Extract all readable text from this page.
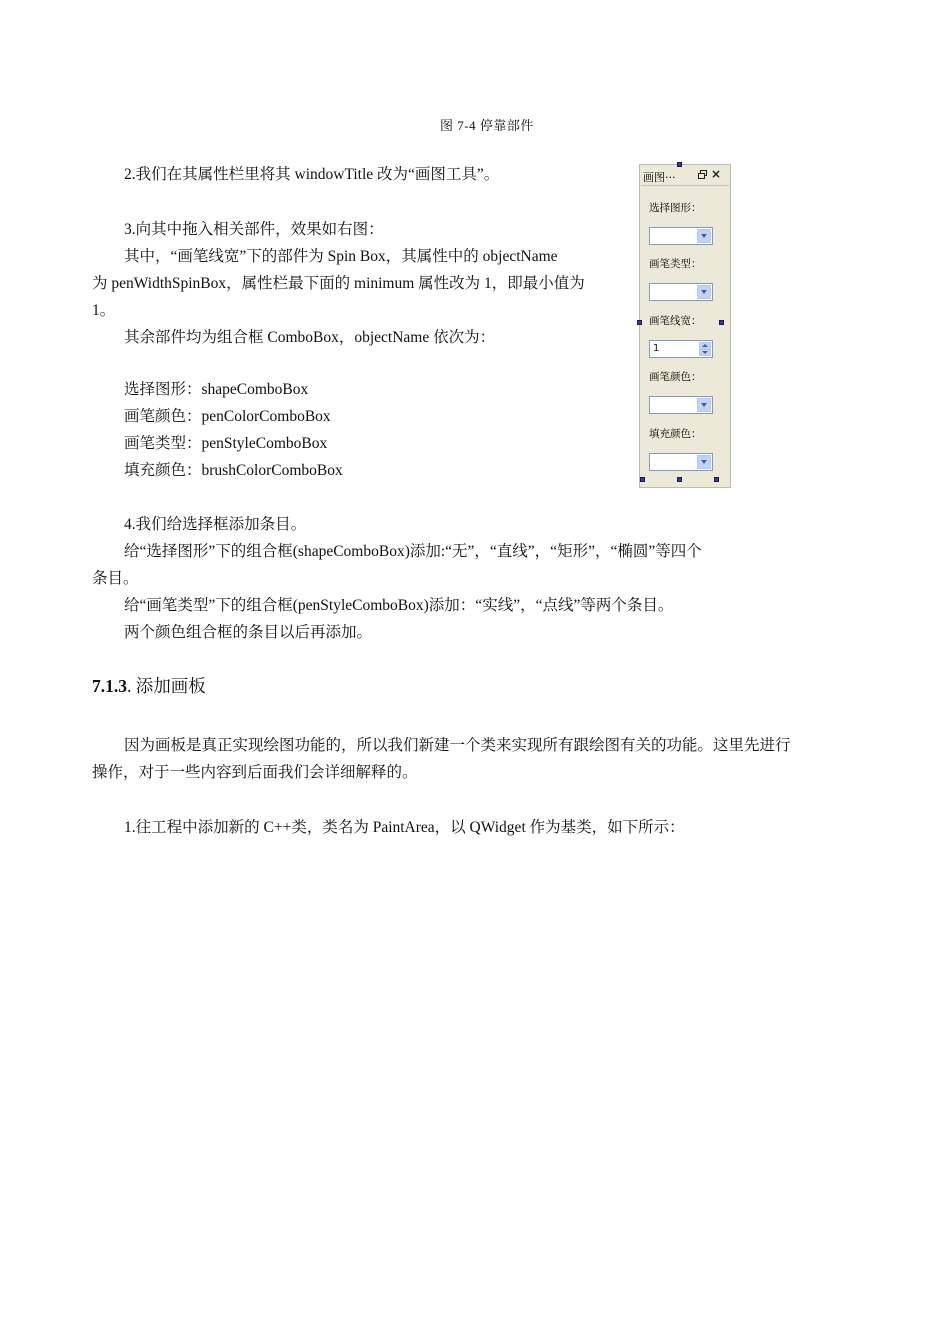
图 7-4 停靠部件
2.我们在其属性栏里将其 windowTitle 改为“画图工具”。
3.向其中拖入相关部件，效果如右图：
其中，“画笔线宽”下的部件为 Spin Box，其属性中的 objectName
为 penWidthSpinBox，属性栏最下面的 minimum 属性改为 1，即最小值为
1。
其余部件均为组合框 ComboBox，objectName 依次为：
选择图形：shapeComboBox
画笔颜色：penColorComboBox
画笔类型：penStyleComboBox
填充颜色：brushColorComboBox
4.我们给选择框添加条目。
给“选择图形”下的组合框(shapeComboBox)添加:“无”，“直线”，“矩形”，“椭圆”等四个
条目。
给“画笔类型”下的组合框(penStyleComboBox)添加：“实线”，“点线”等两个条目。
两个颜色组合框的条目以后再添加。
7.1.3. 添加画板
因为画板是真正实现绘图功能的，所以我们新建一个类来实现所有跟绘图有关的功能。这里先进行
操作，对于一些内容到后面我们会详细解释的。
1.往工程中添加新的 C++类，类名为 PaintArea，以 QWidget 作为基类，如下所示：
画图···	×
选择图形：
画笔类型：
画笔线宽：
1
画笔颜色：
填充颜色：
